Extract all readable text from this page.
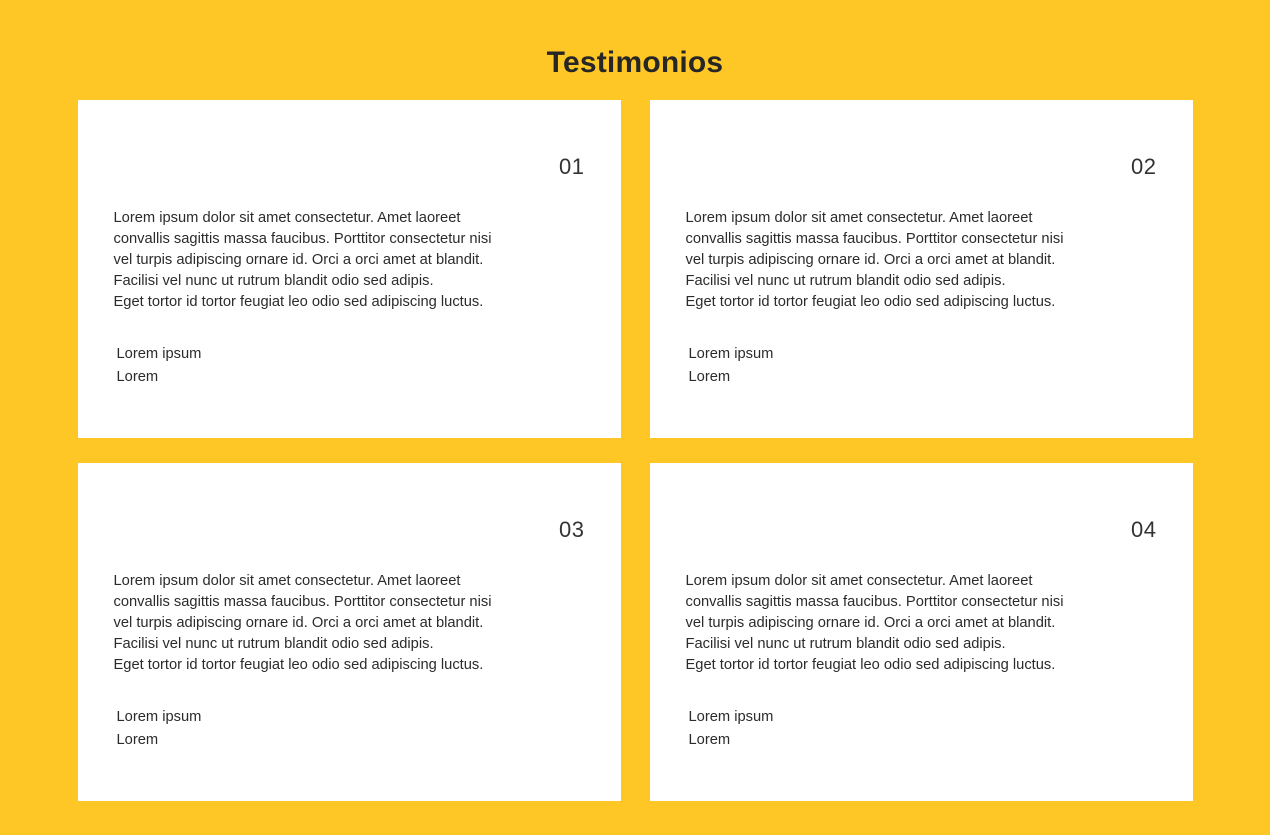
Testimonios
01

Lorem ipsum dolor sit amet consectetur. Amet laoreet

convallis sagittis massa faucibus. Porttitor consectetur nisi

vel turpis adipiscing ornare id. Orci a orci amet at blandit.

Facilisi vel nunc ut rutrum blandit odio sed adipis.

Eget tortor id tortor feugiat leo odio sed adipiscing luctus.

Lorem ipsum
Lorem
02

Lorem ipsum dolor sit amet consectetur. Amet laoreet

convallis sagittis massa faucibus. Porttitor consectetur nisi

vel turpis adipiscing ornare id. Orci a orci amet at blandit.

Facilisi vel nunc ut rutrum blandit odio sed adipis.

Eget tortor id tortor feugiat leo odio sed adipiscing luctus.

Lorem ipsum
Lorem
03

Lorem ipsum dolor sit amet consectetur. Amet laoreet

convallis sagittis massa faucibus. Porttitor consectetur nisi

vel turpis adipiscing ornare id. Orci a orci amet at blandit.

Facilisi vel nunc ut rutrum blandit odio sed adipis.

Eget tortor id tortor feugiat leo odio sed adipiscing luctus.

Lorem ipsum
Lorem
04

Lorem ipsum dolor sit amet consectetur. Amet laoreet

convallis sagittis massa faucibus. Porttitor consectetur nisi

vel turpis adipiscing ornare id. Orci a orci amet at blandit.

Facilisi vel nunc ut rutrum blandit odio sed adipis.

Eget tortor id tortor feugiat leo odio sed adipiscing luctus.

Lorem ipsum
Lorem
